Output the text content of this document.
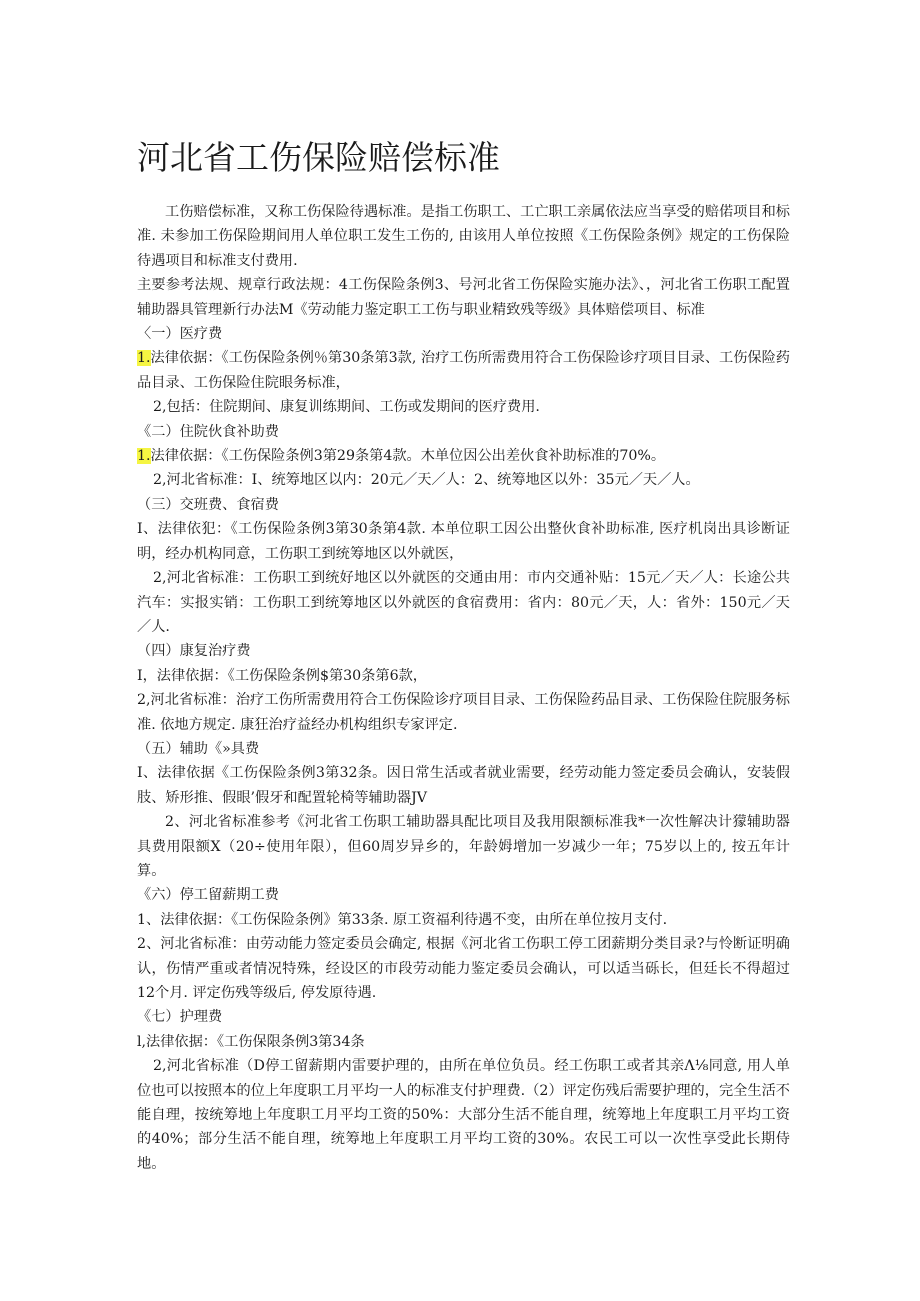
河北省工伤保险赔偿标准

工伤赔偿标准，又称工伤保险待遇标准。是指工伤职工、工亡职工亲属依法应当享受的赔偌项目和标准. 未参加工伤保险期间用人单位职工发生工伤的, 由该用人单位按照《工伤保险条例》规定的工伤保险待遇项目和标准支付费用.

主要参考法规、规章行政法规：4工伤保险条例3、号河北省工伤保险实施办法》、，河北省工伤职工配置辅助器具管理新行办法M《劳动能力鉴定职工工伤与职业精致残等级》具体赔偿项目、标准

〈一）医疗费

1.法律依据：《工伤保险条例％第30条第3款, 治疗工伤所需费用符合工伤保险诊疗项目目录、工伤保险药品目录、工伤保险住院眼务标准，

2,包括：住院期间、康复训练期间、工伤或发期间的医疗费用.

《二）住院伙食补助费

1.法律依据：《工伤保险条例3第29条第4款。木单位因公出差伙食补助标准的70%。

2,河北省标准：I、统筹地区以内：20元／天／人：2、统筹地区以外：35元／天／人。

（三）交班费、食宿费

I、法律依犯：《工伤保险条例3第30条第4款. 本单位职工因公出整伙食补助标准, 医疗机岗出具诊断证明，经办机构同意，工伤职工到统筹地区以外就医，

2,河北省标准：工伤职工到统好地区以外就医的交通由用：市内交通补贴：15元／天／人：长途公共汽车：实报实销：工伤职工到统筹地区以外就医的食宿费用：省内：80元／天，人：省外：150元／天／人.

（四）康复治疗费

I，法律依据：《工伤保险条例$第30条第6款，

2,河北省标准：治疗工伤所需费用符合工伤保险诊疗项目目录、工伤保险药品目录、工伤保险住院服务标准. 依地方规定. 康狂治疗益经办机构组织专家评定.

（五）辅助《»具费

I、法律依据《工伤保险条例3第32条。因日常生活或者就业需要，经劳动能力签定委员会确认，安装假肢、矫形推、假眼’假牙和配置轮椅等辅助器JV

2、河北省标准参考《河北省工伤职工辅助器具配比项目及我用限额标准我*一次性解决计獴辅助器具费用限额X（20÷使用年限），但60周岁异乡的，年龄姆增加一岁减少一年；75岁以上的, 按五年计算。

《六）停工留薪期工费

1、法律依据：《工伤保险条例》第33条. 原工资福利待遇不变，由所在单位按月支付.

2、河北省标准：由劳动能力签定委员会确定, 根据《河北省工伤职工停工团薪期分类目录?与怜断证明确认，伤情严重或者情况特殊，经设区的市段劳动能力鉴定委员会确认，可以适当砾长，但廷长不得超过12个月. 评定伤残等级后, 停发原待遇.

《七）护理费

l,法律依据：《工伤保限条例3第34条

2,河北省标准（D停工留薪期内雷要护理的，由所在单位负员。经工伤职工或者其亲Λ⅛同意, 用人单位也可以按照本的位上年度职工月平均一人的标准支付护理费.（2）评定伤残后需要护理的，完全生活不能自理，按统筹地上年度职工月平均工资的50%：大部分生活不能自理，统筹地上年度职工月平均工资的40%；部分生活不能自理，统筹地上年度职工月平均工资的30%。农民工可以一次性享受此长期侍地。
